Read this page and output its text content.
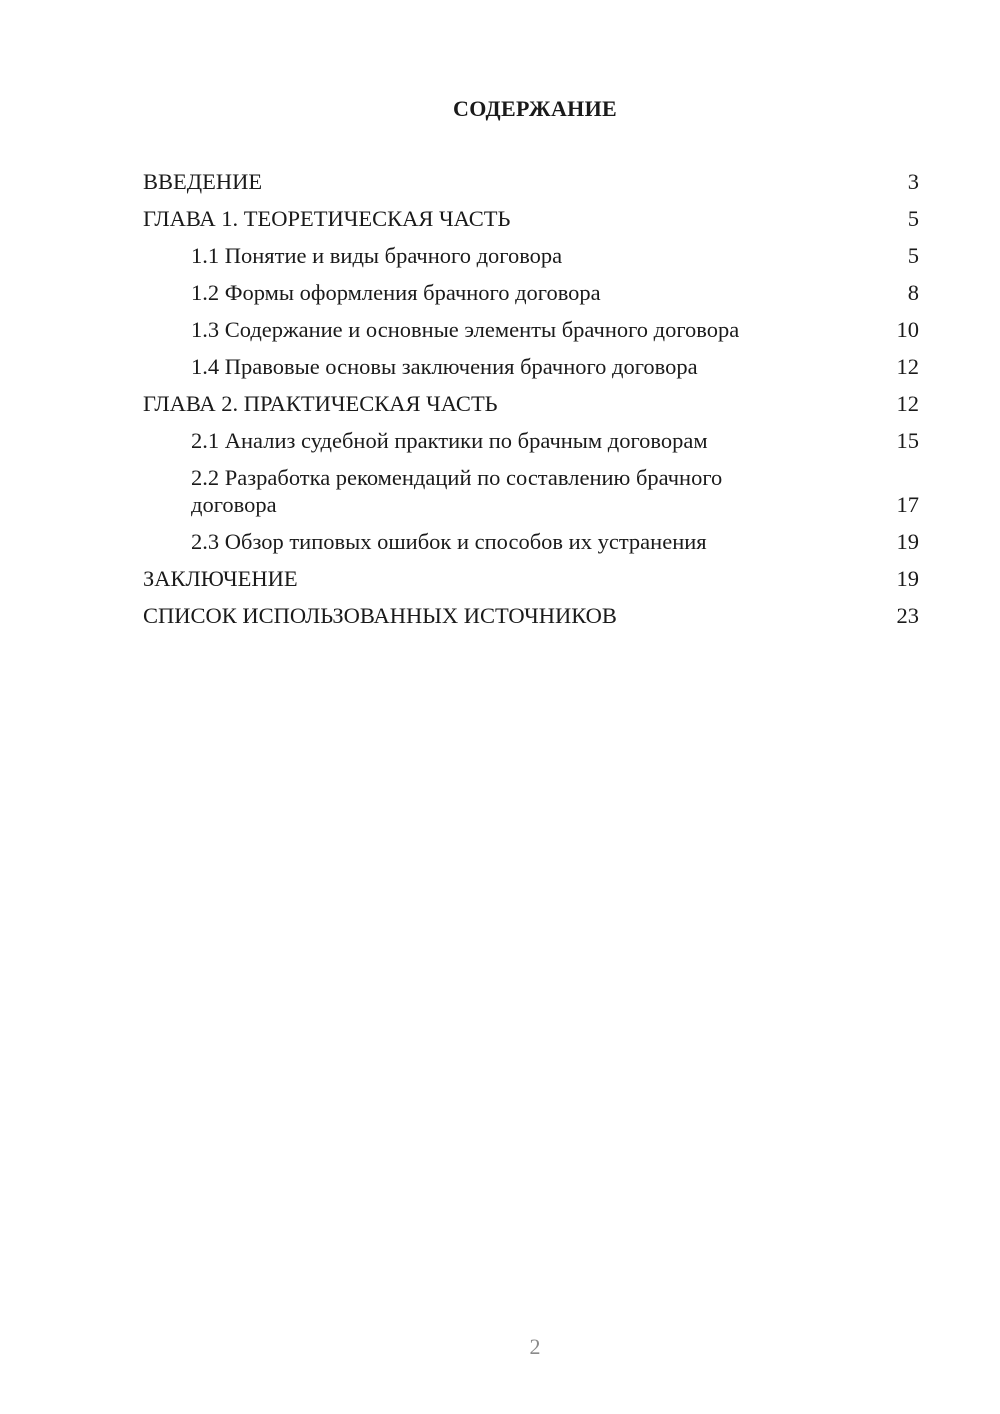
СОДЕРЖАНИЕ
ВВЕДЕНИЕ	3
ГЛАВА 1. ТЕОРЕТИЧЕСКАЯ ЧАСТЬ	5
1.1 Понятие и виды брачного договора	5
1.2 Формы оформления брачного договора	8
1.3 Содержание и основные элементы брачного договора	10
1.4 Правовые основы заключения брачного договора	12
ГЛАВА 2. ПРАКТИЧЕСКАЯ ЧАСТЬ	12
2.1 Анализ судебной практики по брачным договорам	15
2.2 Разработка рекомендаций по составлению брачного договора	17
2.3 Обзор типовых ошибок и способов их устранения	19
ЗАКЛЮЧЕНИЕ	19
СПИСОК ИСПОЛЬЗОВАННЫХ ИСТОЧНИКОВ	23
2
